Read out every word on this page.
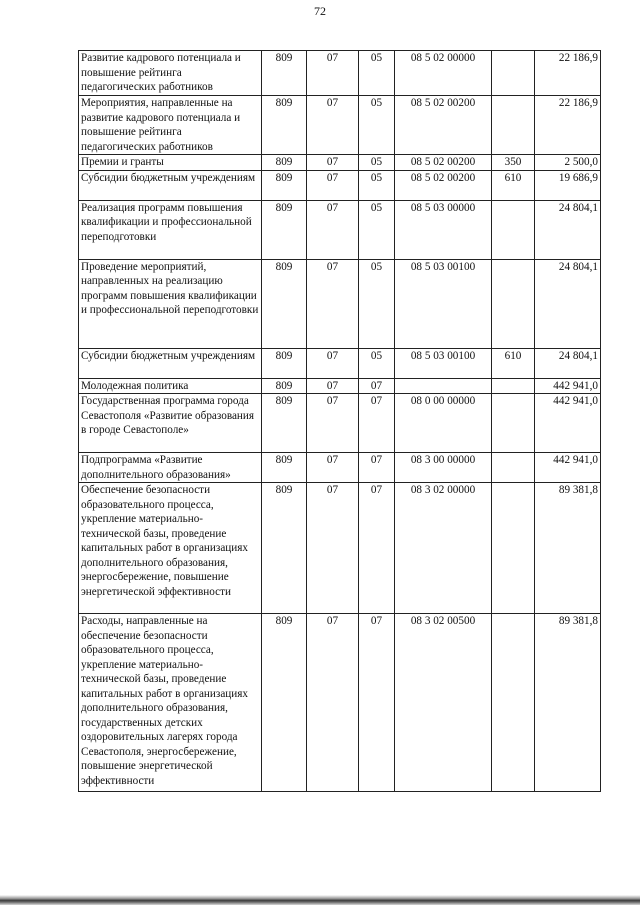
72
Развитие кадрового потенциала и повышение рейтинга педагогических работников	809	07	05	08 5 02 00000		22 186,9
Мероприятия, направленные на развитие кадрового потенциала и повышение рейтинга педагогических работников	809	07	05	08 5 02 00200		22 186,9
Премии и гранты	809	07	05	08 5 02 00200	350	2 500,0
Субсидии бюджетным учреждениям	809	07	05	08 5 02 00200	610	19 686,9
Реализация программ повышения квалификации и профессиональной переподготовки	809	07	05	08 5 03 00000		24 804,1
Проведение мероприятий, направленных на реализацию программ повышения квалификации и профессиональной переподготовки	809	07	05	08 5 03 00100		24 804,1
Субсидии бюджетным учреждениям	809	07	05	08 5 03 00100	610	24 804,1
Молодежная политика	809	07	07			442 941,0
Государственная программа города Севастополя «Развитие образования в городе Севастополе»	809	07	07	08 0 00 00000		442 941,0
Подпрограмма «Развитие дополнительного образования»	809	07	07	08 3 00 00000		442 941,0
Обеспечение безопасности образовательного процесса, укрепление материально-технической базы, проведение капитальных работ в организациях дополнительного образования, энергосбережение, повышение энергетической эффективности	809	07	07	08 3 02 00000		89 381,8
Расходы, направленные на обеспечение безопасности образовательного процесса, укрепление материально-технической базы, проведение капитальных работ в организациях дополнительного образования, государственных детских оздоровительных лагерях города Севастополя, энергосбережение, повышение энергетической эффективности	809	07	07	08 3 02 00500		89 381,8
